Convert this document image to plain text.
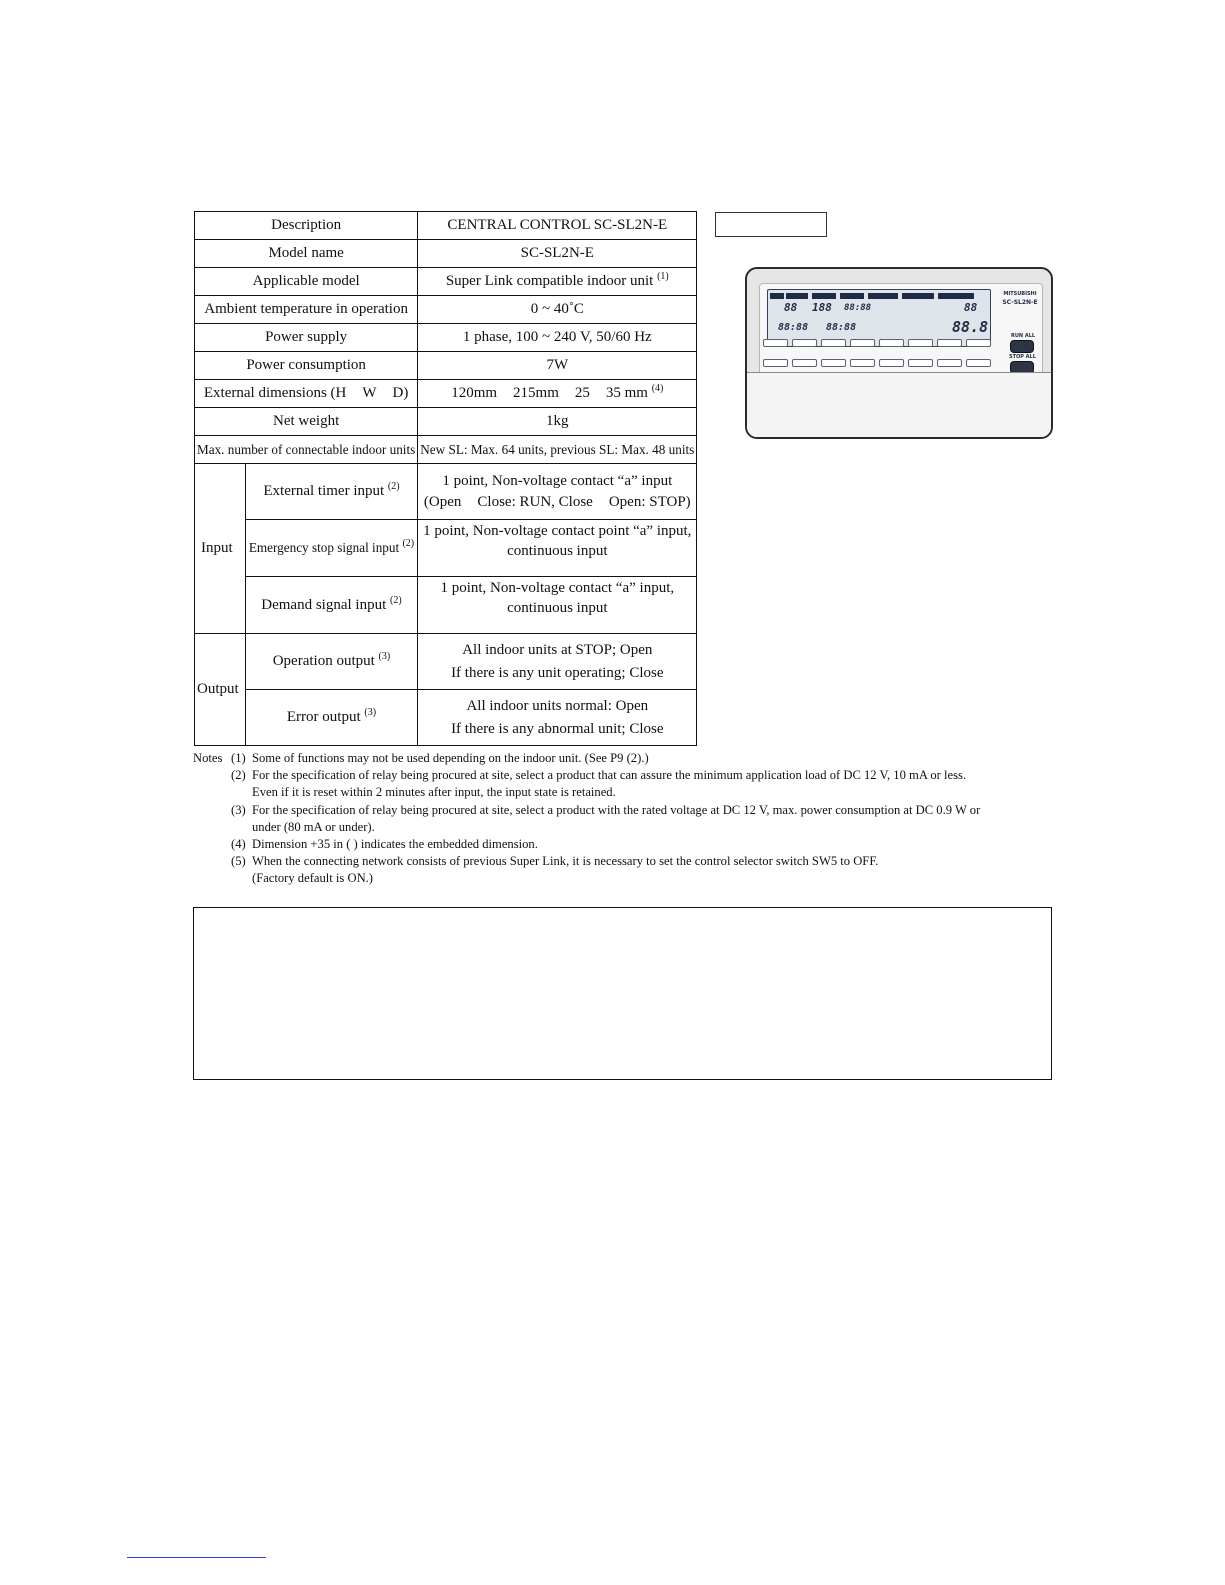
Description		CENTRAL CONTROL SC-SL2N-E
Model name		SC-SL2N-E
Applicable model		Super Link compatible indoor unit $^{(1)}$
Ambient temperature in operation		0 ~ 40˚C
Power supply		1 phase, 100 ~ 240 V, 50/60 Hz
Power consumption		7W
External dimensions (H W D)		120mm 215mm 25 35 mm $^{(4)}$
Net weight		1kg
Max. number of connectable indoor units		New SL: Max. 64 units, previous SL: Max. 48 units
Input	External timer input $^{(2)}$	1 point, Non-voltage contact “a” input
(Open Close: RUN, Close Open: STOP)

	Emergency stop signal input $^{(2)}$	1 point, Non-voltage contact point “a” input,
continuous input

	Demand signal input $^{(2)}$	1 point, Non-voltage contact “a” input,
continuous input

Output	Operation output $^{(3)}$	All indoor units at STOP; Open
If there is any unit operating; Close

	Error output $^{(3)}$	All indoor units normal: Open
If there is any abnormal unit; Close
88 188 88:88	88
88:88 88:88	88.8
MITSUBISHI
SC-SL2N-E
RUN ALL
STOP ALL
Notes (1) Some of functions may not be used depending on the indoor unit. (See P9 (2).)
(2) For the specification of relay being procured at site, select a product that can assure the minimum application load of DC 12 V, 10 mA or less.
Even if it is reset within 2 minutes after input, the input state is retained.
(3) For the specification of relay being procured at site, select a product with the rated voltage at DC 12 V, max. power consumption at DC 0.9 W or
under (80 mA or under).
(4) Dimension +35 in ( ) indicates the embedded dimension.
(5) When the connecting network consists of previous Super Link, it is necessary to set the control selector switch SW5 to OFF.
(Factory default is ON.)
